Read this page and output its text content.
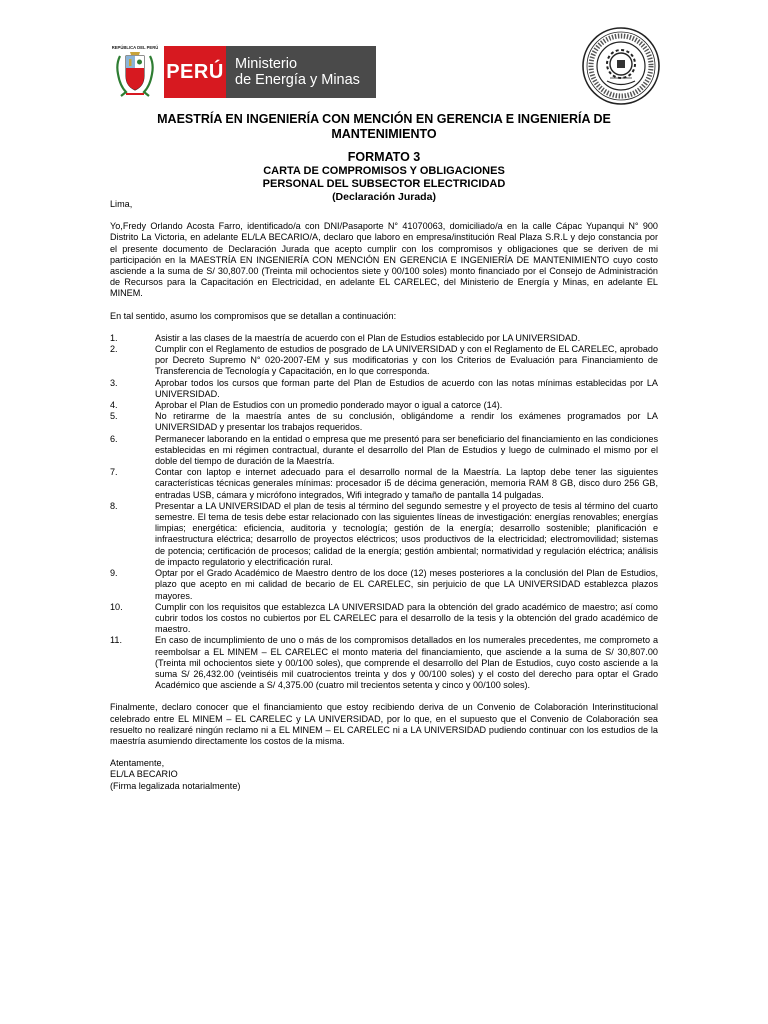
REPÚBLICA DEL PERÚ
PERÚ Ministerio
de Energía y Minas
MAESTRÍA EN INGENIERÍA CON MENCIÓN EN GERENCIA E INGENIERÍA DE MANTENIMIENTO
FORMATO 3
CARTA DE COMPROMISOS Y OBLIGACIONES
PERSONAL DEL SUBSECTOR ELECTRICIDAD
(Declaración Jurada)

Lima,

Yo,Fredy Orlando Acosta Farro, identificado/a con DNI/Pasaporte N° 41070063, domiciliado/a en la calle Cápac Yupanqui N° 900 Distrito La Victoria, en adelante EL/LA BECARIO/A, declaro que laboro en empresa/institución Real Plaza S.R.L y dejo constancia por el presente documento de Declaración Jurada que acepto cumplir con los compromisos y obligaciones que se deriven de mi participación en la MAESTRÍA EN INGENIERÍA CON MENCIÓN EN GERENCIA E INGENIERÍA DE MANTENIMIENTO cuyo costo asciende a la suma de S/ 30,807.00 (Treinta mil ochocientos siete y 00/100 soles) monto financiado por el Consejo de Administración de Recursos para la Capacitación en Electricidad, en adelante EL CARELEC, del Ministerio de Energía y Minas, en adelante EL MINEM.

En tal sentido, asumo los compromisos que se detallan a continuación:

1.	Asistir a las clases de la maestría de acuerdo con el Plan de Estudios establecido por LA UNIVERSIDAD.
2.	Cumplir con el Reglamento de estudios de posgrado de LA UNIVERSIDAD y con el Reglamento de EL CARELEC, aprobado por Decreto Supremo N° 020-2007-EM y sus modificatorias y con los Criterios de Evaluación para Financiamiento de Transferencia de Tecnología y Capacitación, en lo que corresponda.
3.	Aprobar todos los cursos que forman parte del Plan de Estudios de acuerdo con las notas mínimas establecidas por LA UNIVERSIDAD.
4.	Aprobar el Plan de Estudios con un promedio ponderado mayor o igual a catorce (14).
5.	No retirarme de la maestría antes de su conclusión, obligándome a rendir los exámenes programados por LA UNIVERSIDAD y presentar los trabajos requeridos.
6.	Permanecer laborando en la entidad o empresa que me presentó para ser beneficiario del financiamiento en las condiciones establecidas en mi régimen contractual, durante el desarrollo del Plan de Estudios y luego de culminado el mismo por el doble del tiempo de duración de la Maestría.
7.	Contar con laptop e internet adecuado para el desarrollo normal de la Maestría. La laptop debe tener las siguientes características técnicas generales mínimas: procesador i5 de décima generación, memoria RAM 8 GB, disco duro 256 GB, entradas USB, cámara y micrófono integrados, Wifi integrado y tamaño de pantalla 14 pulgadas.
8.	Presentar a LA UNIVERSIDAD el plan de tesis al término del segundo semestre y el proyecto de tesis al término del cuarto semestre. El tema de tesis debe estar relacionado con las siguientes líneas de investigación: energías renovables; energías limpias; energética: eficiencia, auditoria y tecnología; gestión de la energía; desarrollo sostenible; planificación e infraestructura eléctrica; desarrollo de proyectos eléctricos; usos productivos de la electricidad; electromovilidad; sistemas de potencia; certificación de procesos; calidad de la energía; gestión ambiental; normatividad y regulación eléctrica; análisis de impacto regulatorio y electrificación rural.
9.	Optar por el Grado Académico de Maestro dentro de los doce (12) meses posteriores a la conclusión del Plan de Estudios, plazo que acepto en mi calidad de becario de EL CARELEC, sin perjuicio de que LA UNIVERSIDAD establezca plazos mayores.
10.	Cumplir con los requisitos que establezca LA UNIVERSIDAD para la obtención del grado académico de maestro; así como cubrir todos los costos no cubiertos por EL CARELEC para el desarrollo de la tesis y la obtención del grado académico de maestro.
11.	En caso de incumplimiento de uno o más de los compromisos detallados en los numerales precedentes, me comprometo a reembolsar a EL MINEM – EL CARELEC el monto materia del financiamiento, que asciende a la suma de S/ 30,807.00 (Treinta mil ochocientos siete y 00/100 soles), que comprende el desarrollo del Plan de Estudios, cuyo costo asciende a la suma S/ 26,432.00 (veintiséis mil cuatrocientos treinta y dos y 00/100 soles) y el costo del derecho para optar el Grado Académico que asciende a S/ 4,375.00 (cuatro mil trecientos setenta y cinco y 00/100 soles).

Finalmente, declaro conocer que el financiamiento que estoy recibiendo deriva de un Convenio de Colaboración Interinstitucional celebrado entre EL MINEM – EL CARELEC y LA UNIVERSIDAD, por lo que, en el supuesto que el Convenio de Colaboración sea resuelto no realizaré ningún reclamo ni a EL MINEM – EL CARELEC ni a LA UNIVERSIDAD pudiendo continuar con los estudios de la maestría asumiendo directamente los costos de la misma.

Atentamente,

EL/LA BECARIO

(Firma legalizada notarialmente)
